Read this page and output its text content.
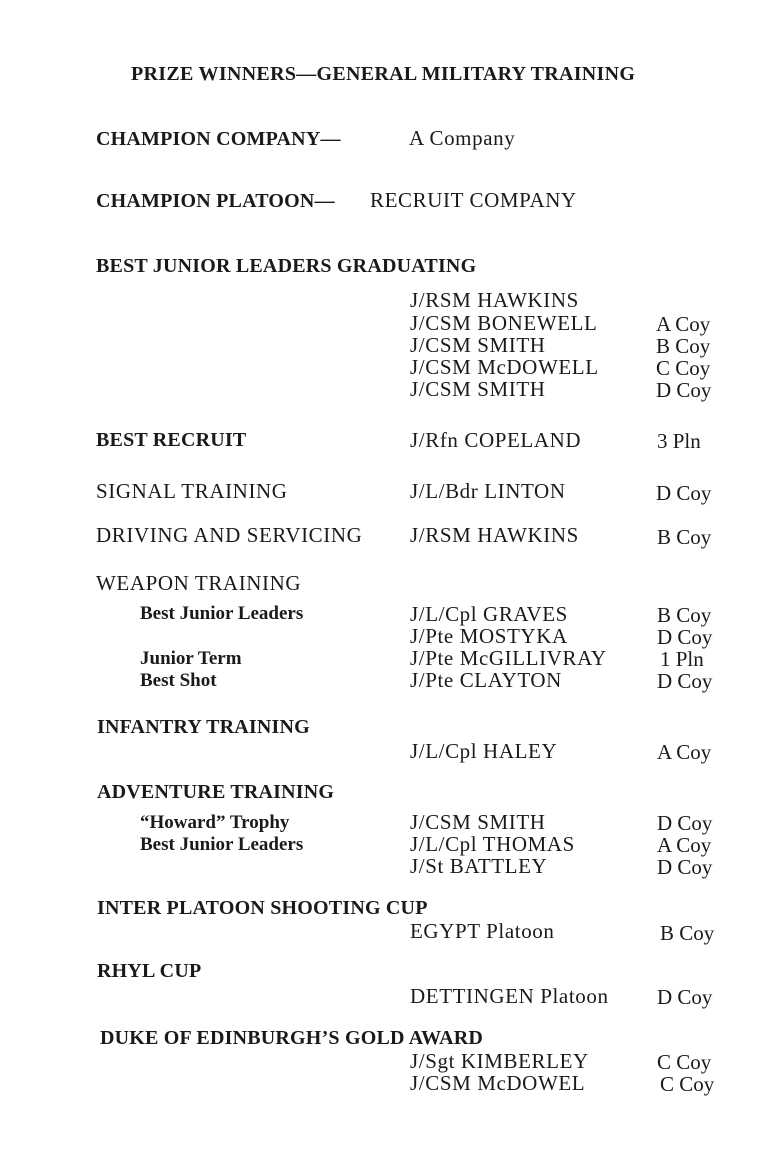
PRIZE WINNERS—GENERAL MILITARY TRAINING
CHAMPION COMPANY—	A Company
CHAMPION PLATOON— RECRUIT COMPANY
BEST JUNIOR LEADERS GRADUATING
J/RSM HAWKINS
J/CSM BONEWELL	A Coy
J/CSM SMITH	B Coy
J/CSM McDOWELL	C Coy
J/CSM SMITH	D Coy
BEST RECRUIT	J/Rfn COPELAND	3 Pln
SIGNAL TRAINING	J/L/Bdr LINTON	D Coy
DRIVING AND SERVICING J/RSM HAWKINS	B Coy
WEAPON TRAINING
Best Junior Leaders	J/L/Cpl GRAVES	B Coy
J/Pte MOSTYKA	D Coy
Junior Term	J/Pte McGILLIVRAY	1 Pln
Best Shot	J/Pte CLAYTON	D Coy
INFANTRY TRAINING
J/L/Cpl HALEY	A Coy
ADVENTURE TRAINING
“Howard” Trophy	J/CSM SMITH	D Coy
Best Junior Leaders	J/L/Cpl THOMAS	A Coy
J/St BATTLEY	D Coy
INTER PLATOON SHOOTING CUP
EGYPT Platoon	B Coy
RHYL CUP
DETTINGEN Platoon D Coy
DUKE OF EDINBURGH’S GOLD AWARD
J/Sgt KIMBERLEY	C Coy
J/CSM McDOWEL	C Coy
